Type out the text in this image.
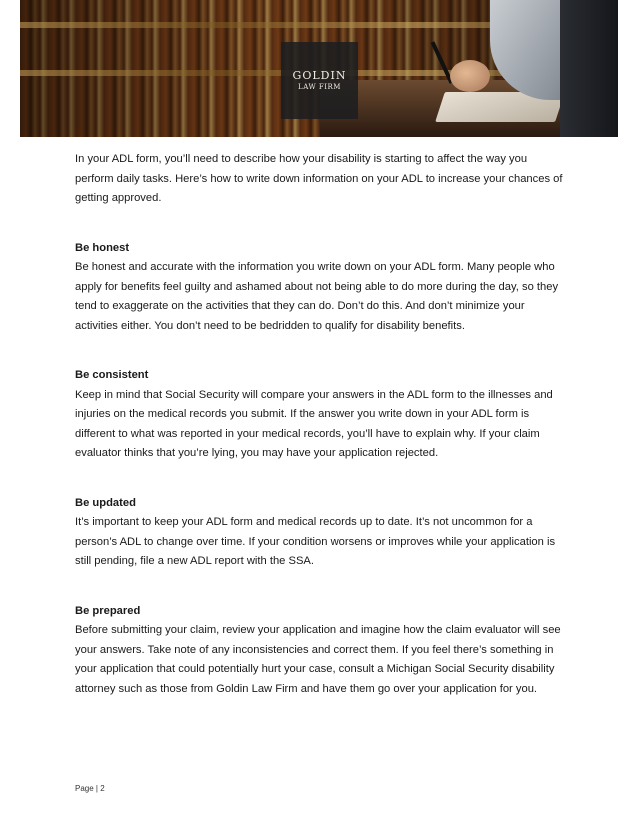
GOLDIN
LAW FIRM

In your ADL form, you’ll need to describe how your disability is starting to affect the way you perform daily tasks. Here’s how to write down information on your ADL to increase your chances of getting approved.

Be honest

Be honest and accurate with the information you write down on your ADL form. Many people who apply for benefits feel guilty and ashamed about not being able to do more during the day, so they tend to exaggerate on the activities that they can do. Don’t do this. And don’t minimize your activities either. You don’t need to be bedridden to qualify for disability benefits.

Be consistent

Keep in mind that Social Security will compare your answers in the ADL form to the illnesses and injuries on the medical records you submit. If the answer you write down in your ADL form is different to what was reported in your medical records, you’ll have to explain why. If your claim evaluator thinks that you’re lying, you may have your application rejected.

Be updated

It’s important to keep your ADL form and medical records up to date. It’s not uncommon for a person’s ADL to change over time. If your condition worsens or improves while your application is still pending, file a new ADL report with the SSA.

Be prepared

Before submitting your claim, review your application and imagine how the claim evaluator will see your answers. Take note of any inconsistencies and correct them. If you feel there’s something in your application that could potentially hurt your case, consult a Michigan Social Security disability attorney such as those from Goldin Law Firm and have them go over your application for you.

Page | 2
